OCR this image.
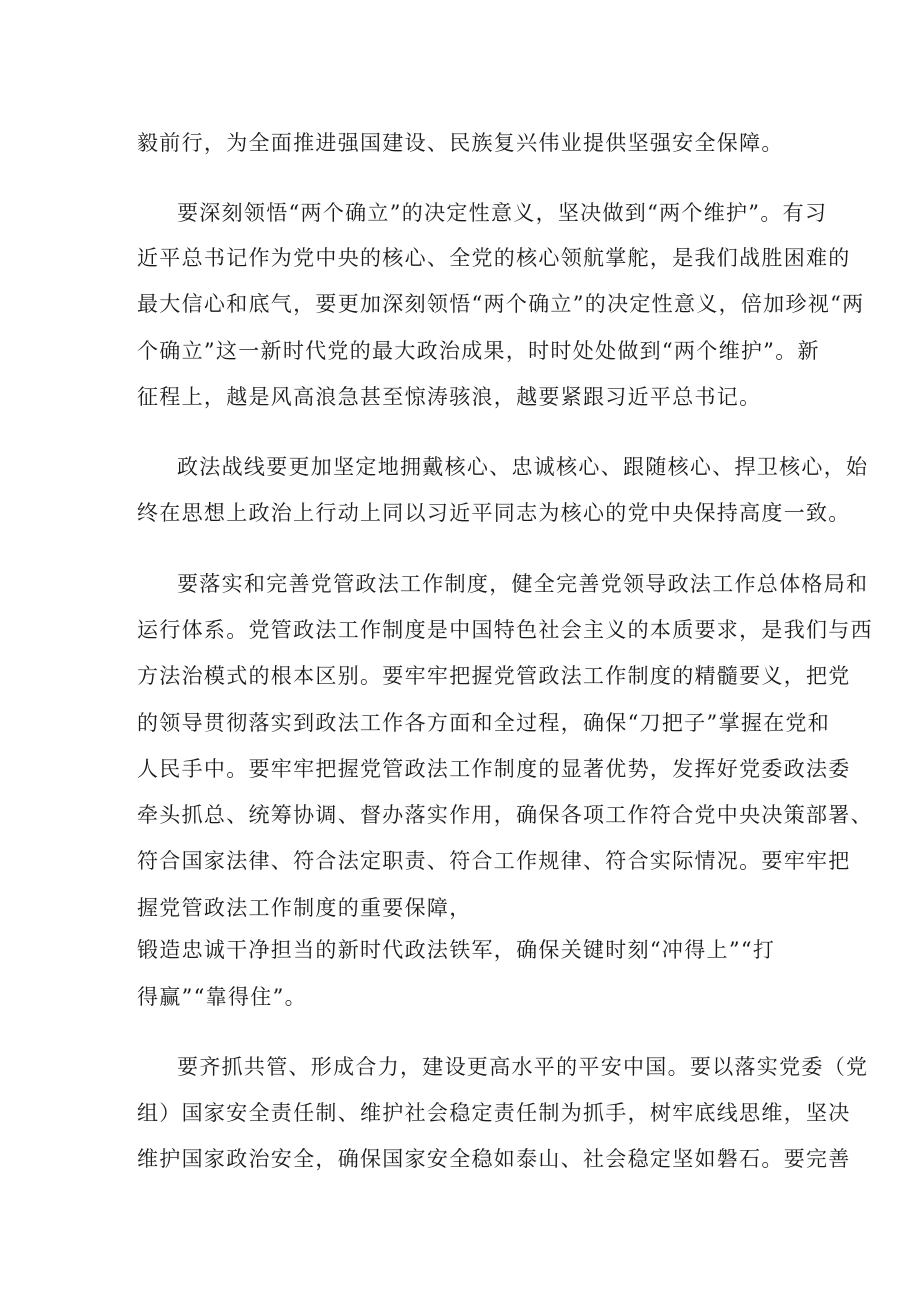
毅前行，为全面推进强国建设、民族复兴伟业提供坚强安全保障。
要深刻领悟“两个确立”的决定性意义，坚决做到“两个维护”。有习
近平总书记作为党中央的核心、全党的核心领航掌舵，是我们战胜困难的
最大信心和底气，要更加深刻领悟“两个确立”的决定性意义，倍加珍视“两
个确立”这一新时代党的最大政治成果，时时处处做到“两个维护”。新
征程上，越是风高浪急甚至惊涛骇浪，越要紧跟习近平总书记。
政法战线要更加坚定地拥戴核心、忠诚核心、跟随核心、捍卫核心，始
终在思想上政治上行动上同以习近平同志为核心的党中央保持高度一致。
要落实和完善党管政法工作制度，健全完善党领导政法工作总体格局和
运行体系。党管政法工作制度是中国特色社会主义的本质要求，是我们与西
方法治模式的根本区别。要牢牢把握党管政法工作制度的精髓要义，把党
的领导贯彻落实到政法工作各方面和全过程，确保“刀把子”掌握在党和
人民手中。要牢牢把握党管政法工作制度的显著优势，发挥好党委政法委
牵头抓总、统筹协调、督办落实作用，确保各项工作符合党中央决策部署、
符合国家法律、符合法定职责、符合工作规律、符合实际情况。要牢牢把
握党管政法工作制度的重要保障，
锻造忠诚干净担当的新时代政法铁军，确保关键时刻“冲得上”“打
得赢”“靠得住”。
要齐抓共管、形成合力，建设更高水平的平安中国。要以落实党委（党
组）国家安全责任制、维护社会稳定责任制为抓手，树牢底线思维，坚决
维护国家政治安全，确保国家安全稳如泰山、社会稳定坚如磐石。要完善
